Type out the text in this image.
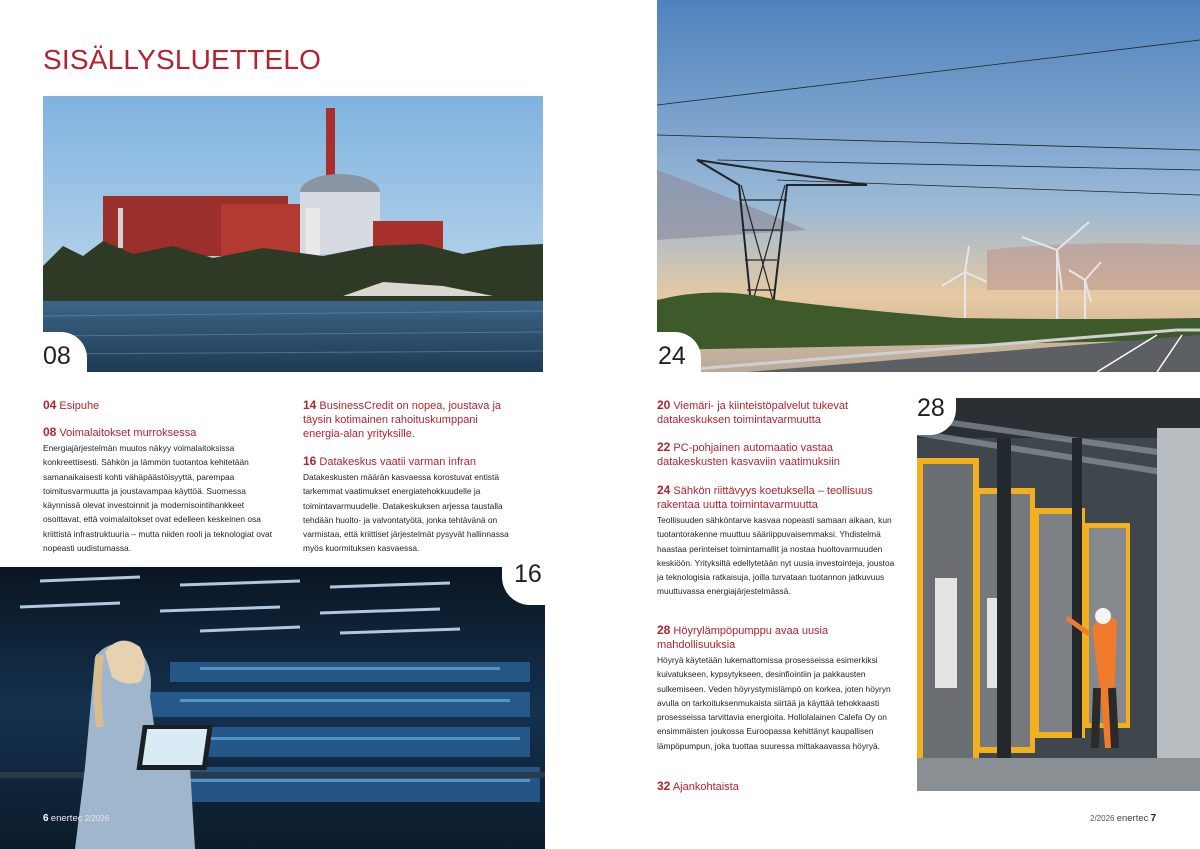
SISÄLLYSLUETTELO
08	24
16
28
04 Esipuhe
08 Voimalaitokset murroksessa
Energiajärjestelmän muutos näkyy voimalaitoksissa konkreettisesti. Sähkön ja lämmön tuotantoa kehitetään samanaikaisesti kohti vähäpäästöisyyttä, parempaa toimitusvarmuutta ja joustavampaa käyttöä. Suomessa käynnissä olevat investoinnit ja modernisointihankkeet osoittavat, että voimalaitokset ovat edelleen keskeinen osa kriittistä infrastruktuuria – mutta niiden rooli ja teknologiat ovat nopeasti uudistumassa.
14 BusinessCredit on nopea, joustava ja täysin kotimainen rahoituskumppani energia-alan yrityksille.
16 Datakeskus vaatii varman infran
Datakeskusten määrän kasvaessa korostuvat entistä tarkemmat vaatimukset energiatehokkuudelle ja toimintavarmuudelle. Datakeskuksen arjessa taustalla tehdään huolto- ja valvontatyötä, jonka tehtävänä on varmistaa, että kriittiset järjestelmät pysyvät hallinnassa myös kuormituksen kasvaessa.
20 Viemäri- ja kiinteistöpalvelut tukevat datakeskuksen toimintavarmuutta
22 PC-pohjainen automaatio vastaa datakeskusten kasvaviin vaatimuksiin
24 Sähkön riittävyys koetuksella – teollisuus rakentaa uutta toimintavarmuutta
Teollisuuden sähköntarve kasvaa nopeasti samaan aikaan, kun tuotantorakenne muuttuu sääriippuvaisemmaksi. Yhdistelmä haastaa perinteiset toimintamallit ja nostaa huoltovarmuuden keskiöön. Yrityksiltä edellytetään nyt uusia investointeja, joustoa ja teknologisia ratkaisuja, joilla turvataan tuotannon jatkuvuus muuttuvassa energiajärjestelmässä.
28 Höyrylämpöpumppu avaa uusia mahdollisuuksia
Höyryä käytetään lukemattomissa prosesseissa esimerkiksi kuivatukseen, kypsytykseen, desinfiointiin ja pakkausten sulkemiseen. Veden höyrystymislämpö on korkea, joten höyryn avulla on tarkoituksenmukaista siirtää ja käyttää tehokkaasti prosesseissa tarvittavia energioita. Hollolalainen Calefa Oy on ensimmäisten joukossa Euroopassa kehittänyt kaupallisen lämpöpumpun, joka tuottaa suuressa mittakaavassa höyryä.
32 Ajankohtaista
6 enertec 2/2026	2/2026 enertec 7
